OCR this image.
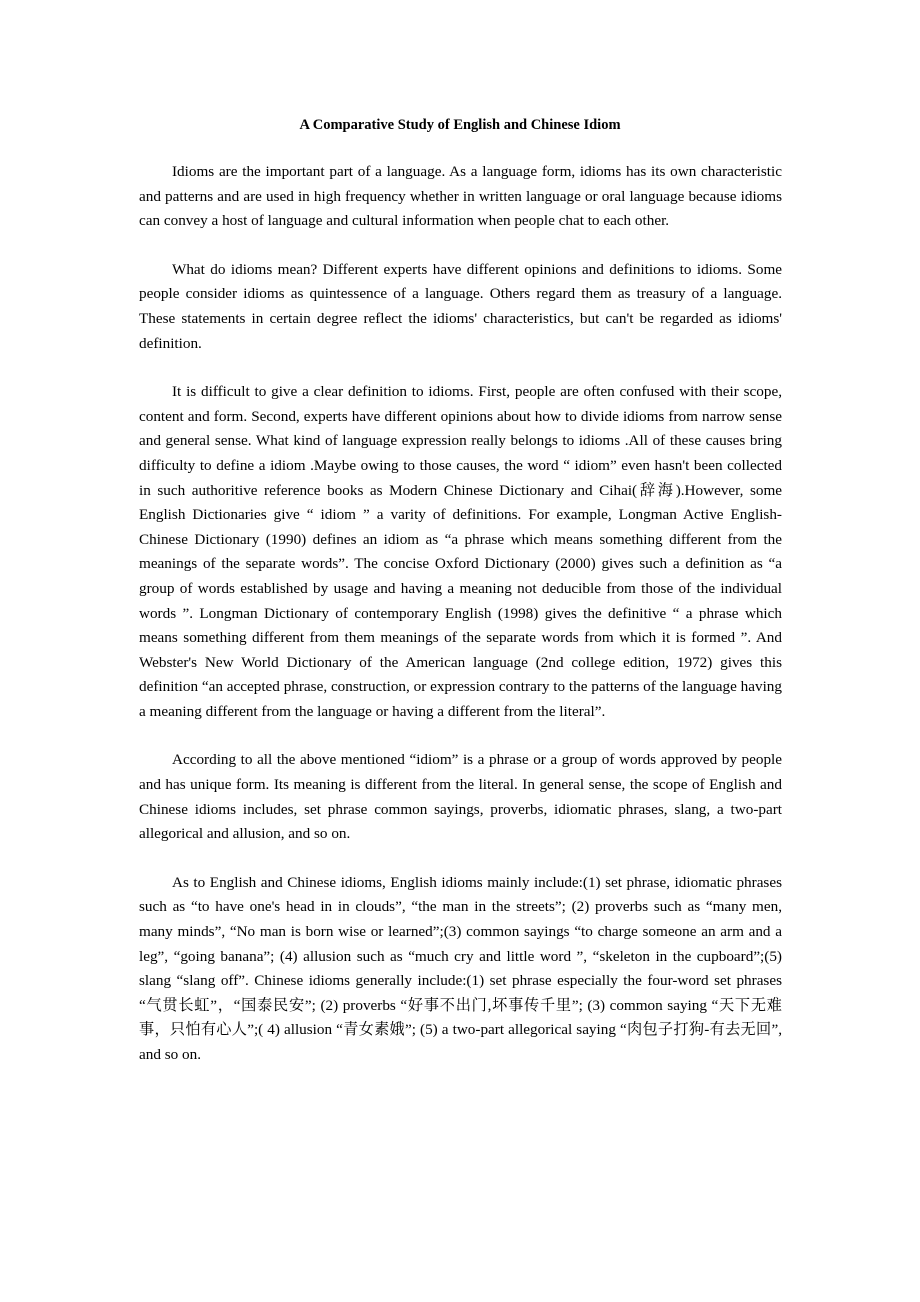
A Comparative Study of English and Chinese Idiom

Idioms are the important part of a language. As a language form, idioms has its own characteristic and patterns and are used in high frequency whether in written language or oral language because idioms can convey a host of language and cultural information when people chat to each other.

What do idioms mean? Different experts have different opinions and definitions to idioms. Some people consider idioms as quintessence of a language. Others regard them as treasury of a language. These statements in certain degree reflect the idioms' characteristics, but can't be regarded as idioms' definition.

It is difficult to give a clear definition to idioms. First, people are often confused with their scope, content and form. Second, experts have different opinions about how to divide idioms from narrow sense and general sense. What kind of language expression really belongs to idioms .All of these causes bring difficulty to define a idiom .Maybe owing to those causes, the word “ idiom” even hasn't been collected in such authoritive reference books as Modern Chinese Dictionary and Cihai(辞海).However, some English Dictionaries give “ idiom ” a varity of definitions. For example, Longman Active English-Chinese Dictionary (1990) defines an idiom as “a phrase which means something different from the meanings of the separate words”. The concise Oxford Dictionary (2000) gives such a definition as “a group of words established by usage and having a meaning not deducible from those of the individual words ”. Longman Dictionary of contemporary English (1998) gives the definitive “ a phrase which means something different from them meanings of the separate words from which it is formed ”. And Webster's New World Dictionary of the American language (2nd college edition, 1972) gives this definition “an accepted phrase, construction, or expression contrary to the patterns of the language having a meaning different from the language or having a different from the literal”.

According to all the above mentioned “idiom” is a phrase or a group of words approved by people and has unique form. Its meaning is different from the literal. In general sense, the scope of English and Chinese idioms includes, set phrase common sayings, proverbs, idiomatic phrases, slang, a two-part allegorical and allusion, and so on.

As to English and Chinese idioms, English idioms mainly include:(1) set phrase, idiomatic phrases such as “to have one's head in in clouds”, “the man in the streets”; (2) proverbs such as “many men, many minds”, “No man is born wise or learned”;(3) common sayings “to charge someone an arm and a leg”, “going banana”; (4) allusion such as “much cry and little word ”, “skeleton in the cupboard”;(5) slang “slang off”. Chinese idioms generally include:(1) set phrase especially the four-word set phrases “气贯长虹”，“国泰民安”; (2) proverbs “好事不出门,坏事传千里”; (3) common saying “天下无难事，只怕有心人”;( 4) allusion “青女素娥”; (5) a two-part allegorical saying “肉包子打狗-有去无回”, and so on.
